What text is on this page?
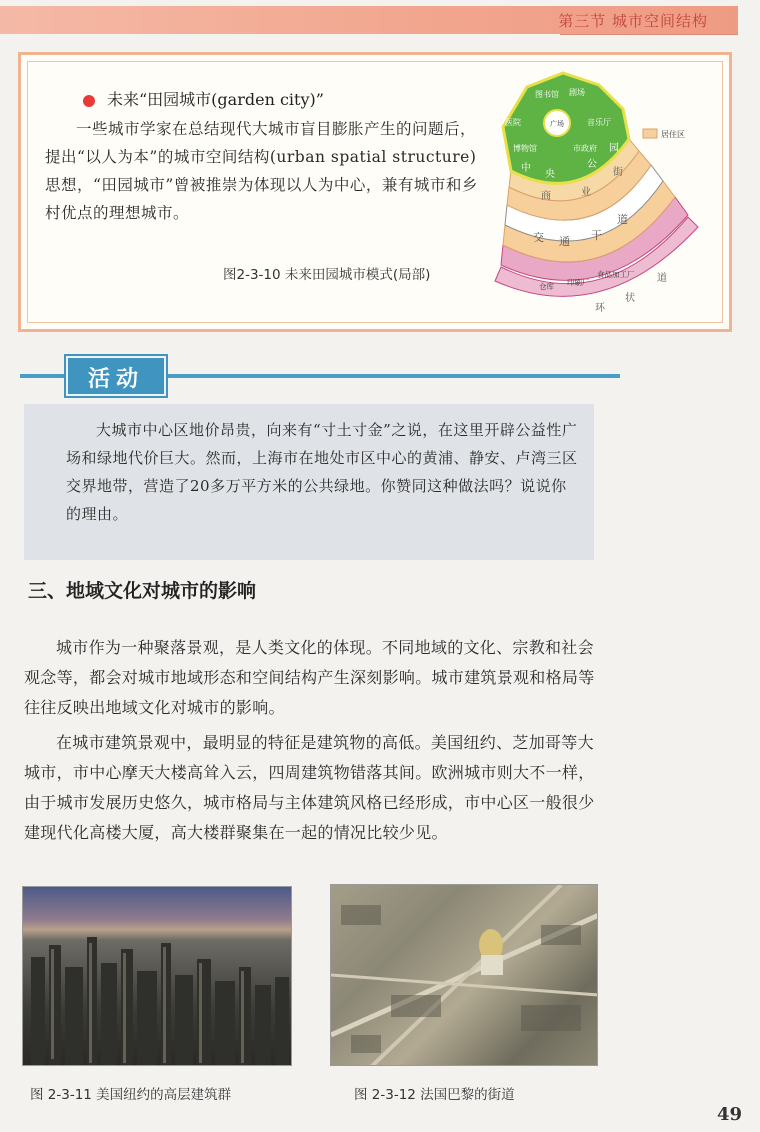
第三节 城市空间结构
未来“田园城市(garden city)”
一些城市学家在总结现代大城市盲目膨胀产生的问题后，提出“以人为本”的城市空间结构(urban spatial structure)思想，“田园城市”曾被推崇为体现以人为中心，兼有城市和乡村优点的理想城市。
图2-3-10 未来田园城市模式(局部)
广场
图书馆 剧场
音乐厅
市政府
博物馆
医院
中
央
公
园
商	业
街
交 通 干
道
仓库 印刷厂
食品加工厂
环
状
道
居住区
活动
大城市中心区地价昂贵，向来有“寸土寸金”之说，在这里开辟公益性广场和绿地代价巨大。然而，上海市在地处市区中心的黄浦、静安、卢湾三区交界地带，营造了20多万平方米的公共绿地。你赞同这种做法吗？说说你的理由。
三、地域文化对城市的影响
城市作为一种聚落景观，是人类文化的体现。不同地域的文化、宗教和社会观念等，都会对城市地域形态和空间结构产生深刻影响。城市建筑景观和格局等往往反映出地域文化对城市的影响。
在城市建筑景观中，最明显的特征是建筑物的高低。美国纽约、芝加哥等大城市，市中心摩天大楼高耸入云，四周建筑物错落其间。欧洲城市则大不一样，由于城市发展历史悠久，城市格局与主体建筑风格已经形成，市中心区一般很少建现代化高楼大厦，高大楼群聚集在一起的情况比较少见。
图 2-3-11 美国纽约的高层建筑群	图 2-3-12 法国巴黎的街道
49
